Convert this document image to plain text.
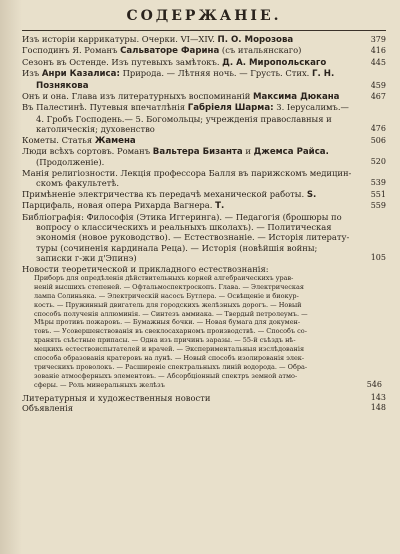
СОДЕРЖАНІЕ.
Изъ исторіи каррикатуры. Очерки. VI—XIV. П. О. Морозова	379
Господинъ Я. Романъ Сальваторе Фарина (съ итальянскаго)	416
Сезонъ въ Остенде. Изъ путевыхъ замѣтокъ. Д. А. Миропольскаго	445
Изъ Анри Казалиса: Природа. — Лѣтняя ночь. — Грусть. Стих. Г. Н.
Позняковa	459
Онъ и она. Глава изъ литературныхъ воспоминаній Максима Дюкана	467
Въ Палестинѣ. Путевыя впечатлѣнія Габріеля Шарма: 3. Іерусалимъ.—
4. Гробъ Господень.— 5. Богомольцы; учрежденія православныя и
католическія; духовенство	476
Кометы. Статья Жамена	506
Люди всѣхъ сортовъ. Романъ Вальтера Бизанта и Джемса Райса.
(Продолженіе).	520
Манія религіозности. Лекція профессора Балля въ парижскомъ медицин-
скомъ факультетѣ.	539
Примѣненіе электричества къ передачѣ механической работы. S.	551
Парцифаль, новая опера Рихарда Вагнера. Т.	559
Библіографія: Философія (Этика Иггеринга). — Педагогія (брошюры по
вопросу о классическихъ и реальныхъ школахъ). — Политическая
экономія (новое руководство). — Естествознаніе. — Исторія литерату-
туры (сочиненія кардинала Реца). — Исторія (новѣйшія войны;
записки г-жи д'Эпинэ)	105
Новости теоретической и прикладного естествознанія:
Приборъ для опредѣленія дѣйствительныхъ корней алгебраическихъ урав-
неній высшихъ степеней. — Офтальмоспектроскопъ. Глава. — Электрическая
лампа Солиньяка. — Электрическій насосъ Бутлера. — Освѣщеніе и биокур-
кость. — Пружинный двигатель для городскихъ желѣзныхъ дорогъ. — Новый
способъ полученія аллюминія. — Синтезъ аммиака. — Твердый петролеумъ. —
Мѣры противъ пожаровъ. — Бумажныя бочки. — Новая бумага для докумен-
товъ. — Усовершенствованія въ свеклосахарномъ производствѣ. — Способъ со-
хранять съѣстные припасы. — Одна изъ причинъ заразы. — 55-й съѣздъ нѣ-
мецкихъ естествоиспытателей и врачей. — Экспериментальныя изслѣдованія
способа образованія кратеровъ на лунѣ. — Новый способъ изолированія элек-
трическихъ проволокъ. — Расширеніе спектральныхъ линій водорода. — Обра-
зованіе атмосферныхъ элементовъ. — Абсорбціонный спектръ земной атмо-
сферы. — Роль минеральныхъ желѣзъ	546
Литературныя и художественныя новости	143
Объявленія	148
